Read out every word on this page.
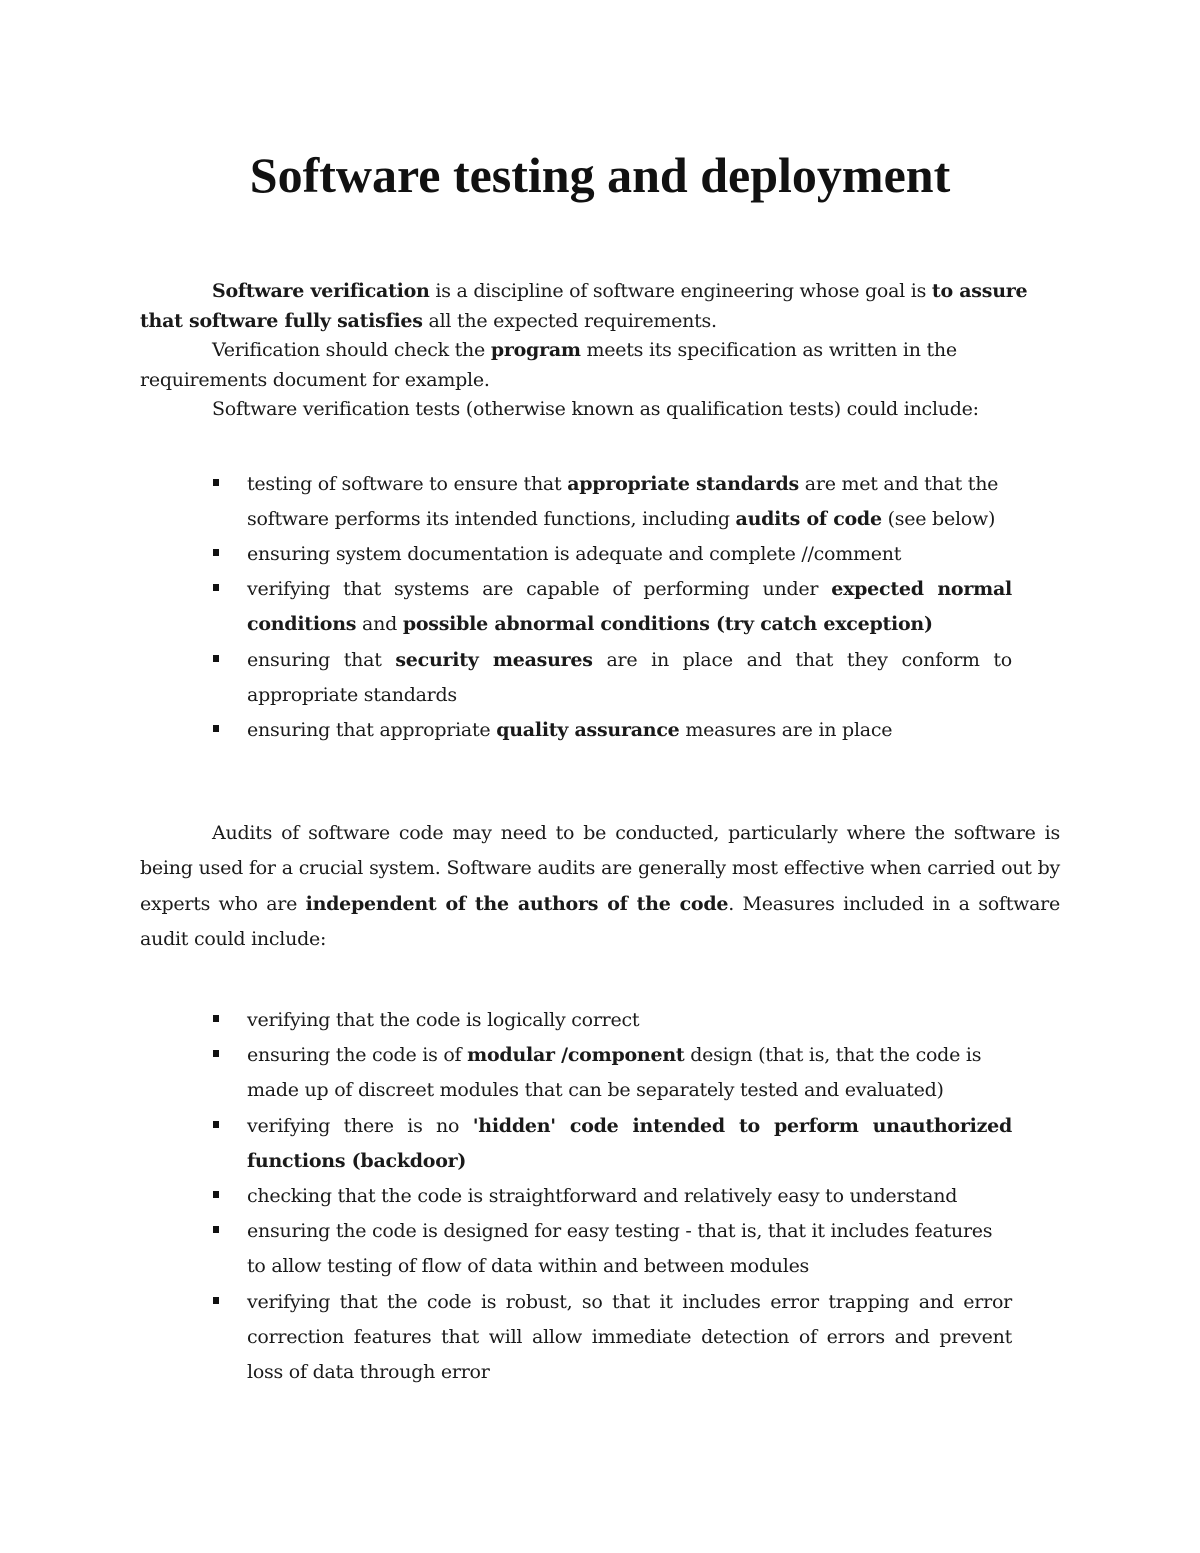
Software testing and deployment

Software verification is a discipline of software engineering whose goal is to assure that software fully satisfies all the expected requirements.

Verification should check the program meets its specification as written in the requirements document for example.

Software verification tests (otherwise known as qualification tests) could include:

testing of software to ensure that appropriate standards are met and that the software performs its intended functions, including audits of code (see below)
ensuring system documentation is adequate and complete //comment
verifying that systems are capable of performing under expected normal conditions and possible abnormal conditions (try catch exception)
ensuring that security measures are in place and that they conform to appropriate standards
ensuring that appropriate quality assurance measures are in place

Audits of software code may need to be conducted, particularly where the software is being used for a crucial system. Software audits are generally most effective when carried out by experts who are independent of the authors of the code. Measures included in a software audit could include:

verifying that the code is logically correct
ensuring the code is of modular /component design (that is, that the code is made up of discreet modules that can be separately tested and evaluated)
verifying there is no 'hidden' code intended to perform unauthorized functions (backdoor)
checking that the code is straightforward and relatively easy to understand
ensuring the code is designed for easy testing - that is, that it includes features to allow testing of flow of data within and between modules
verifying that the code is robust, so that it includes error trapping and error correction features that will allow immediate detection of errors and prevent loss of data through error
